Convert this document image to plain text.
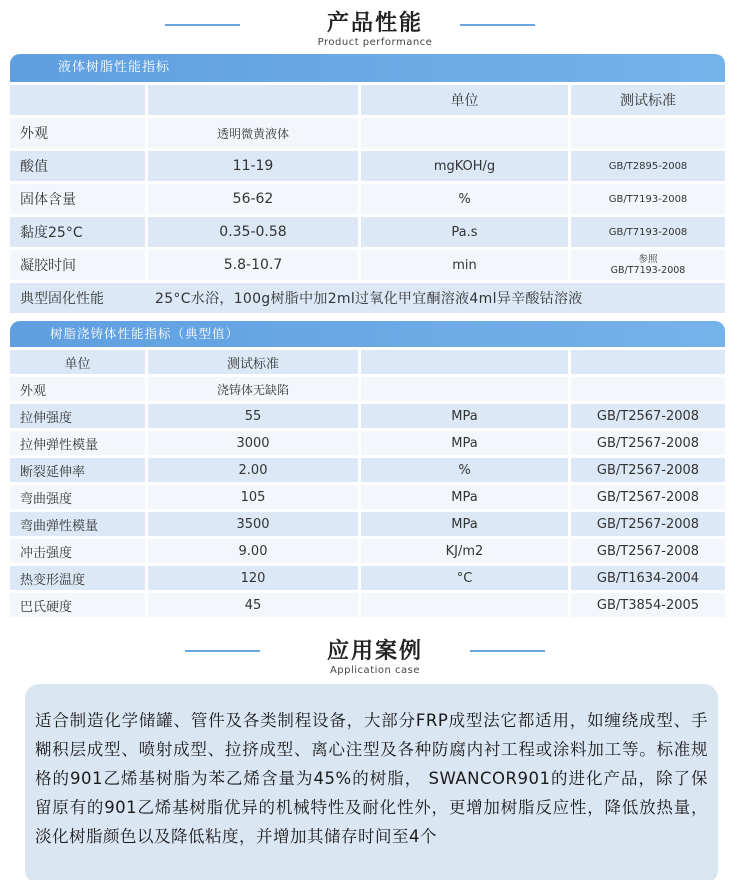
产品性能
Product performance
液体树脂性能指标
		单位	测试标准
外观	透明微黄液体		
酸值	11-19	mgKOH/g	GB/T2895-2008
固体含量	56-62	%	GB/T7193-2008
黏度25°C	0.35-0.58	Pa.s	GB/T7193-2008
凝胶时间	5.8-10.7	min	参照
GB/T7193-2008

典型固化性能	25°C水浴，100g树脂中加2ml过氧化甲宜酮溶液4ml异辛酸钴溶液		
树脂浇铸体性能指标（典型值）
单位	测试标准		
外观	浇铸体无缺陷		
拉伸强度	55	MPa	GB/T2567-2008
拉伸弹性模量	3000	MPa	GB/T2567-2008
断裂延伸率	2.00	%	GB/T2567-2008
弯曲强度	105	MPa	GB/T2567-2008
弯曲弹性模量	3500	MPa	GB/T2567-2008
冲击强度	9.00	KJ/m2	GB/T2567-2008
热变形温度	120	°C	GB/T1634-2004
巴氏硬度	45		GB/T3854-2005
应用案例
Application case

适合制造化学储罐、管件及各类制程设备，大部分FRP成型法它都适用，如缠绕成型、手糊积层成型、喷射成型、拉挤成型、离心注型及各种防腐内衬工程或涂料加工等。标准规格的901乙烯基树脂为苯乙烯含量为45%的树脂， SWANCOR901的进化产品，除了保留原有的901乙烯基树脂优异的机械特性及耐化性外，更增加树脂反应性，降低放热量，淡化树脂颜色以及降低粘度，并增加其储存时间至4个
